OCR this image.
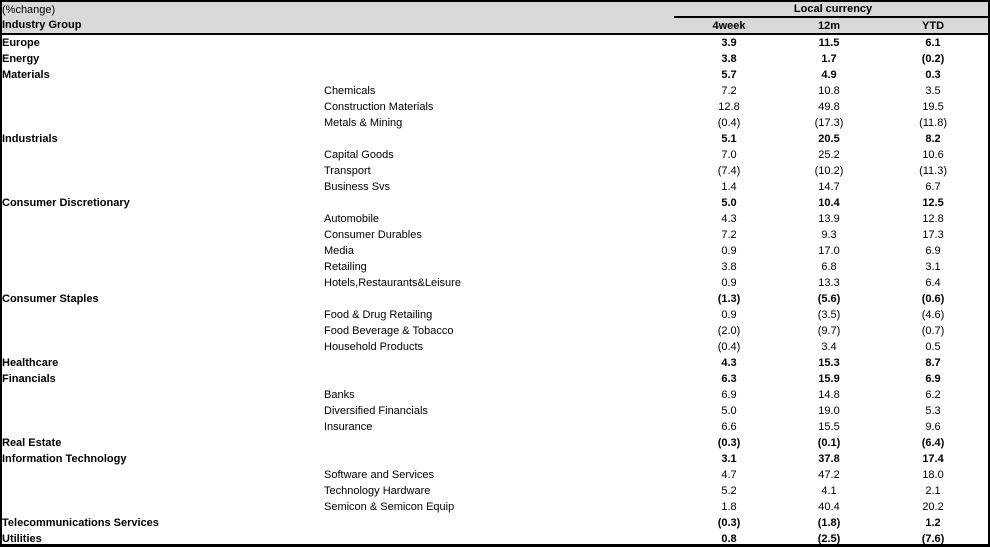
(%change)		Local currency		
Industry Group		4week	12m	YTD
Europe		3.9	11.5	6.1
Energy		3.8	1.7	(0.2)
Materials		5.7	4.9	0.3
	Chemicals	7.2	10.8	3.5
	Construction Materials	12.8	49.8	19.5
	Metals & Mining	(0.4)	(17.3)	(11.8)
Industrials		5.1	20.5	8.2
	Capital Goods	7.0	25.2	10.6
	Transport	(7.4)	(10.2)	(11.3)
	Business Svs	1.4	14.7	6.7
Consumer Discretionary		5.0	10.4	12.5
	Automobile	4.3	13.9	12.8
	Consumer Durables	7.2	9.3	17.3
	Media	0.9	17.0	6.9
	Retailing	3.8	6.8	3.1
	Hotels,Restaurants&Leisure	0.9	13.3	6.4
Consumer Staples		(1.3)	(5.6)	(0.6)
	Food & Drug Retailing	0.9	(3.5)	(4.6)
	Food Beverage & Tobacco	(2.0)	(9.7)	(0.7)
	Household Products	(0.4)	3.4	0.5
Healthcare		4.3	15.3	8.7
Financials		6.3	15.9	6.9
	Banks	6.9	14.8	6.2
	Diversified Financials	5.0	19.0	5.3
	Insurance	6.6	15.5	9.6
Real Estate		(0.3)	(0.1)	(6.4)
Information Technology		3.1	37.8	17.4
	Software and Services	4.7	47.2	18.0
	Technology Hardware	5.2	4.1	2.1
	Semicon & Semicon Equip	1.8	40.4	20.2
Telecommunications Services		(0.3)	(1.8)	1.2
Utilities		0.8	(2.5)	(7.6)
